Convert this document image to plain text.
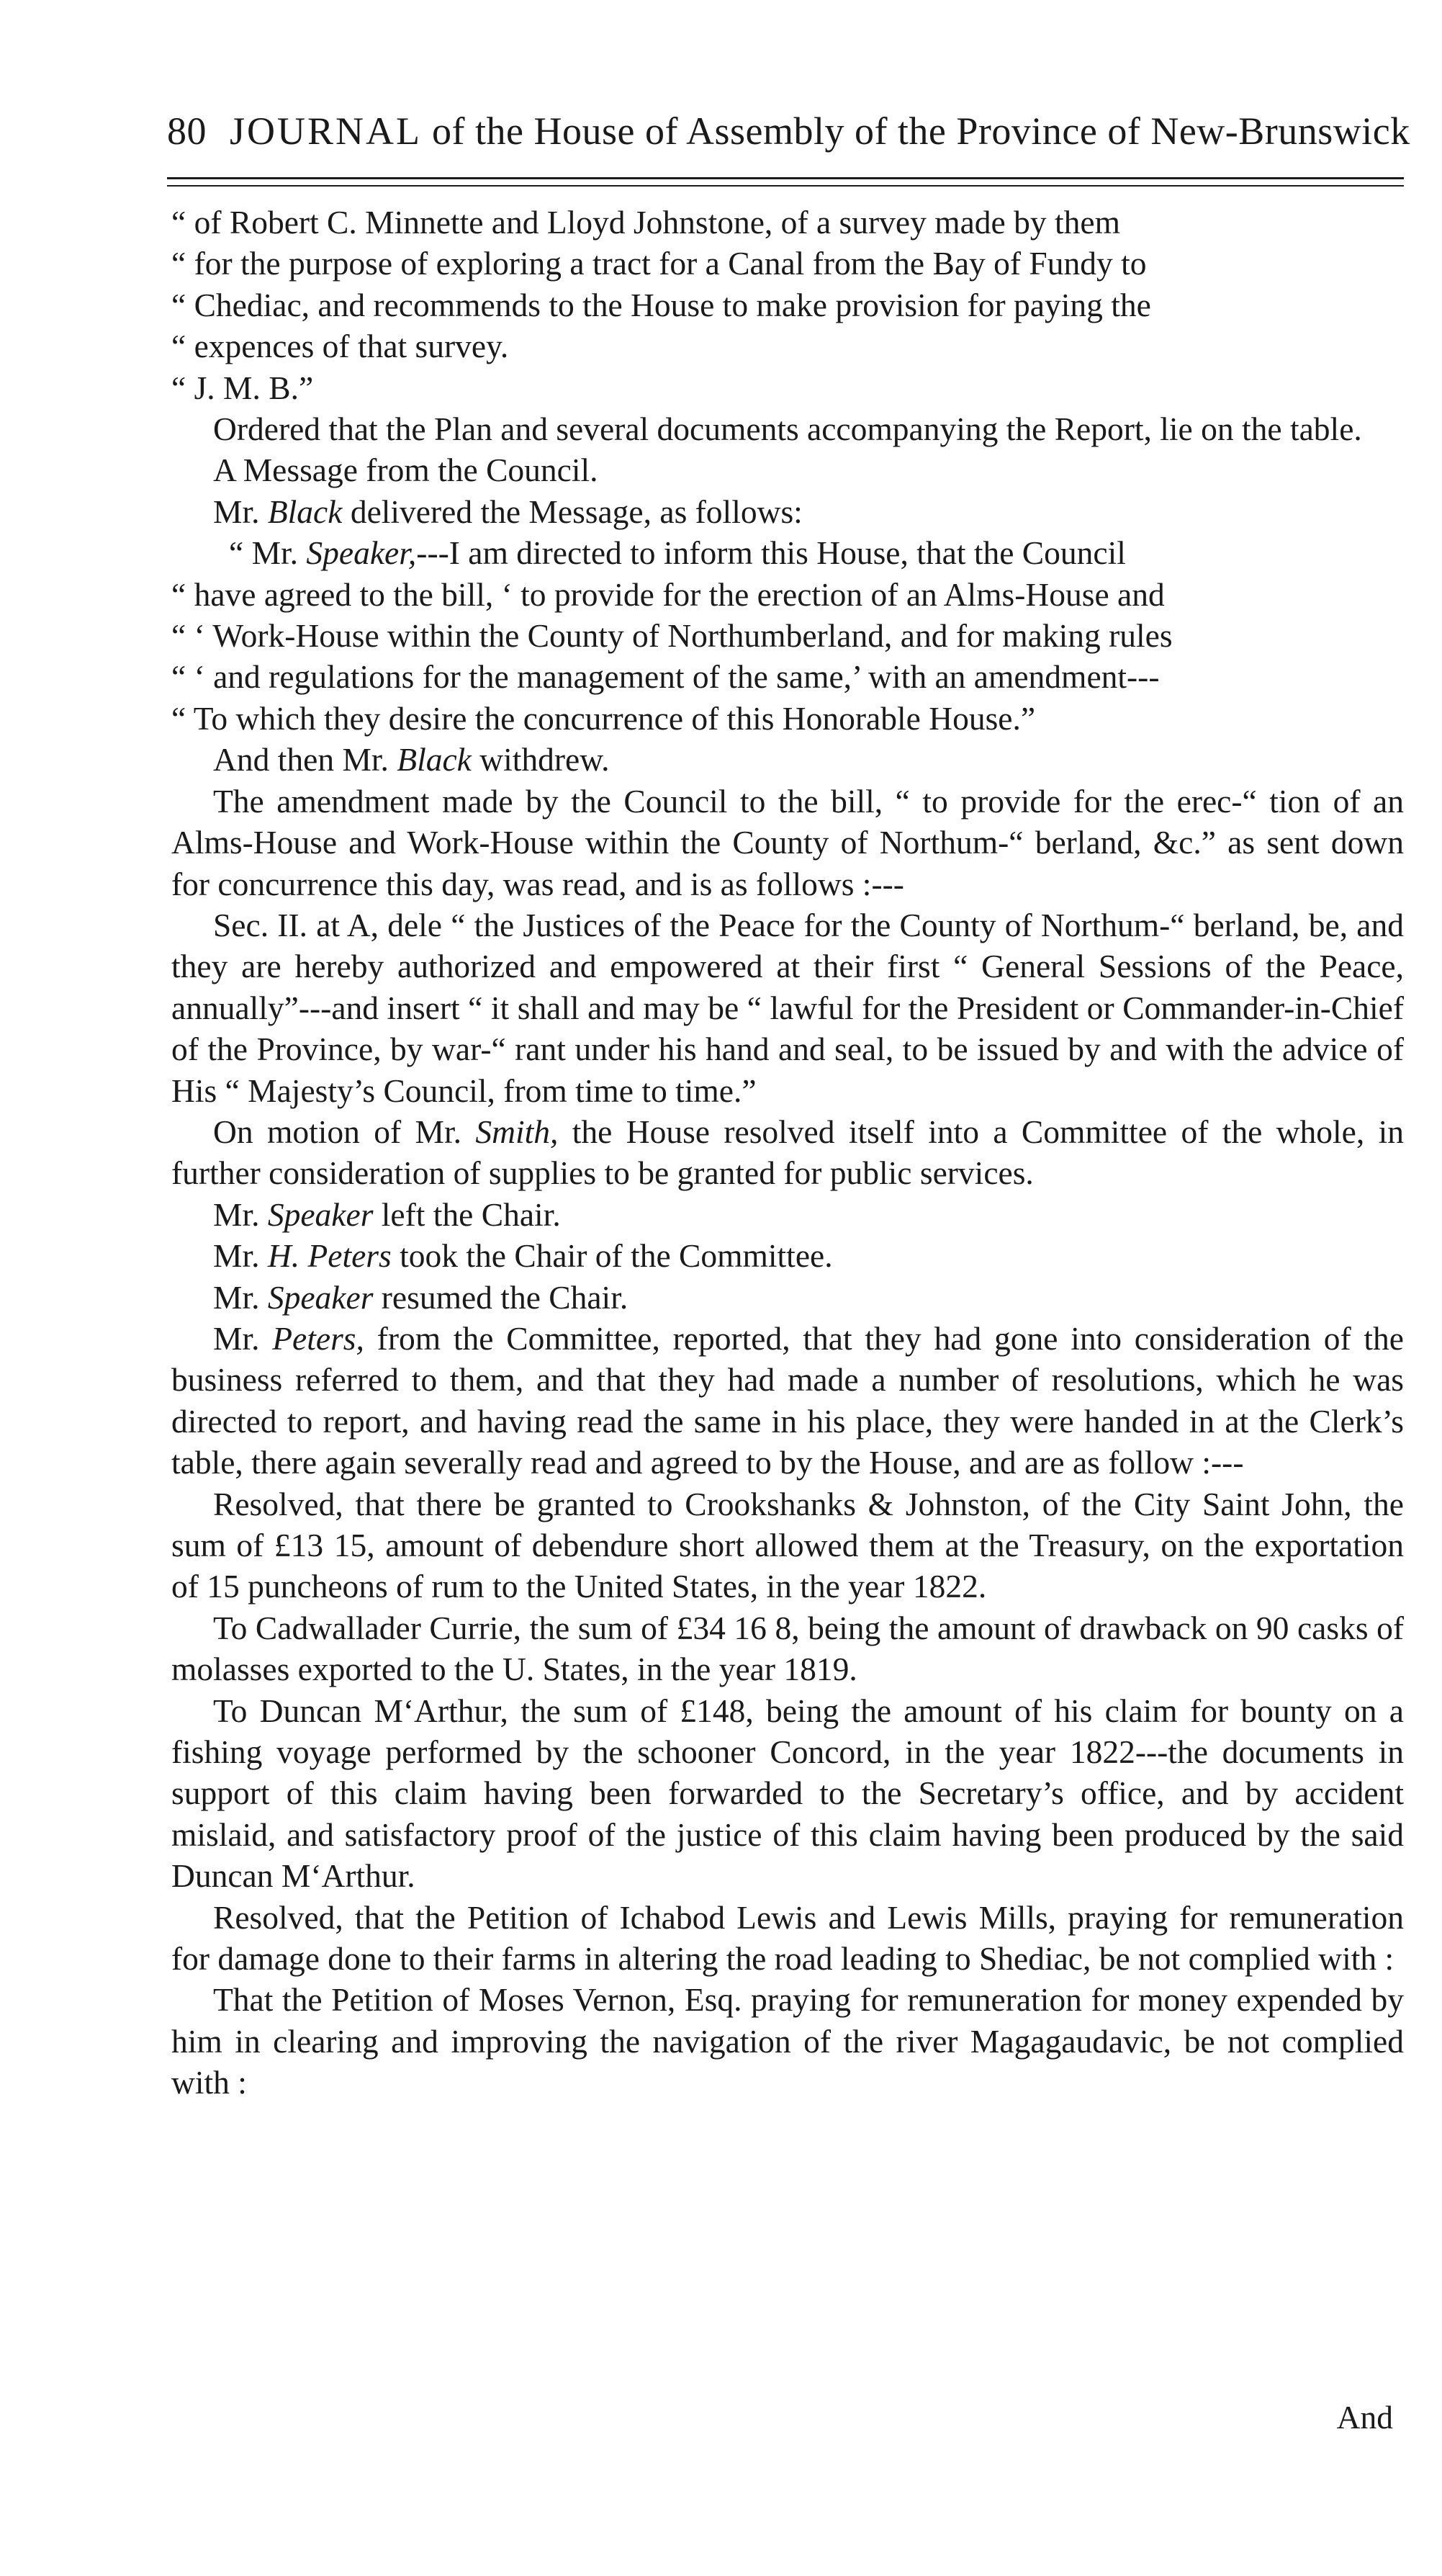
80 JOURNAL of the House of Assembly of the Province of New-Brunswick

“ of Robert C. Minnette and Lloyd Johnstone, of a survey made by them
“ for the purpose of exploring a tract for a Canal from the Bay of Fundy to
“ Chediac, and recommends to the House to make provision for paying the
“ expences of that survey.

“ J. M. B.”

Ordered that the Plan and several documents accompanying the Report, lie on the table.

A Message from the Council.

Mr. Black delivered the Message, as follows:

“ Mr. Speaker,---I am directed to inform this House, that the Council
“ have agreed to the bill, ‘ to provide for the erection of an Alms-House and
“ ‘ Work-House within the County of Northumberland, and for making rules
“ ‘ and regulations for the management of the same,’ with an amendment---
“ To which they desire the concurrence of this Honorable House.”

And then Mr. Black withdrew.

The amendment made by the Council to the bill, “ to provide for the erec-“ tion of an Alms-House and Work-House within the County of Northum-“ berland, &c.” as sent down for concurrence this day, was read, and is as follows :---

Sec. II. at A, dele “ the Justices of the Peace for the County of Northum-“ berland, be, and they are hereby authorized and empowered at their first “ General Sessions of the Peace, annually”---and insert “ it shall and may be “ lawful for the President or Commander-in-Chief of the Province, by war-“ rant under his hand and seal, to be issued by and with the advice of His “ Majesty’s Council, from time to time.”

On motion of Mr. Smith, the House resolved itself into a Committee of the whole, in further consideration of supplies to be granted for public services.

Mr. Speaker left the Chair.

Mr. H. Peters took the Chair of the Committee.

Mr. Speaker resumed the Chair.

Mr. Peters, from the Committee, reported, that they had gone into consideration of the business referred to them, and that they had made a number of resolutions, which he was directed to report, and having read the same in his place, they were handed in at the Clerk’s table, there again severally read and agreed to by the House, and are as follow :---

Resolved, that there be granted to Crookshanks & Johnston, of the City Saint John, the sum of £13 15, amount of debendure short allowed them at the Treasury, on the exportation of 15 puncheons of rum to the United States, in the year 1822.

To Cadwallader Currie, the sum of £34 16 8, being the amount of drawback on 90 casks of molasses exported to the U. States, in the year 1819.

To Duncan M‘Arthur, the sum of £148, being the amount of his claim for bounty on a fishing voyage performed by the schooner Concord, in the year 1822---the documents in support of this claim having been forwarded to the Secretary’s office, and by accident mislaid, and satisfactory proof of the justice of this claim having been produced by the said Duncan M‘Arthur.

Resolved, that the Petition of Ichabod Lewis and Lewis Mills, praying for remuneration for damage done to their farms in altering the road leading to Shediac, be not complied with :

That the Petition of Moses Vernon, Esq. praying for remuneration for money expended by him in clearing and improving the navigation of the river Magagaudavic, be not complied with :

And
